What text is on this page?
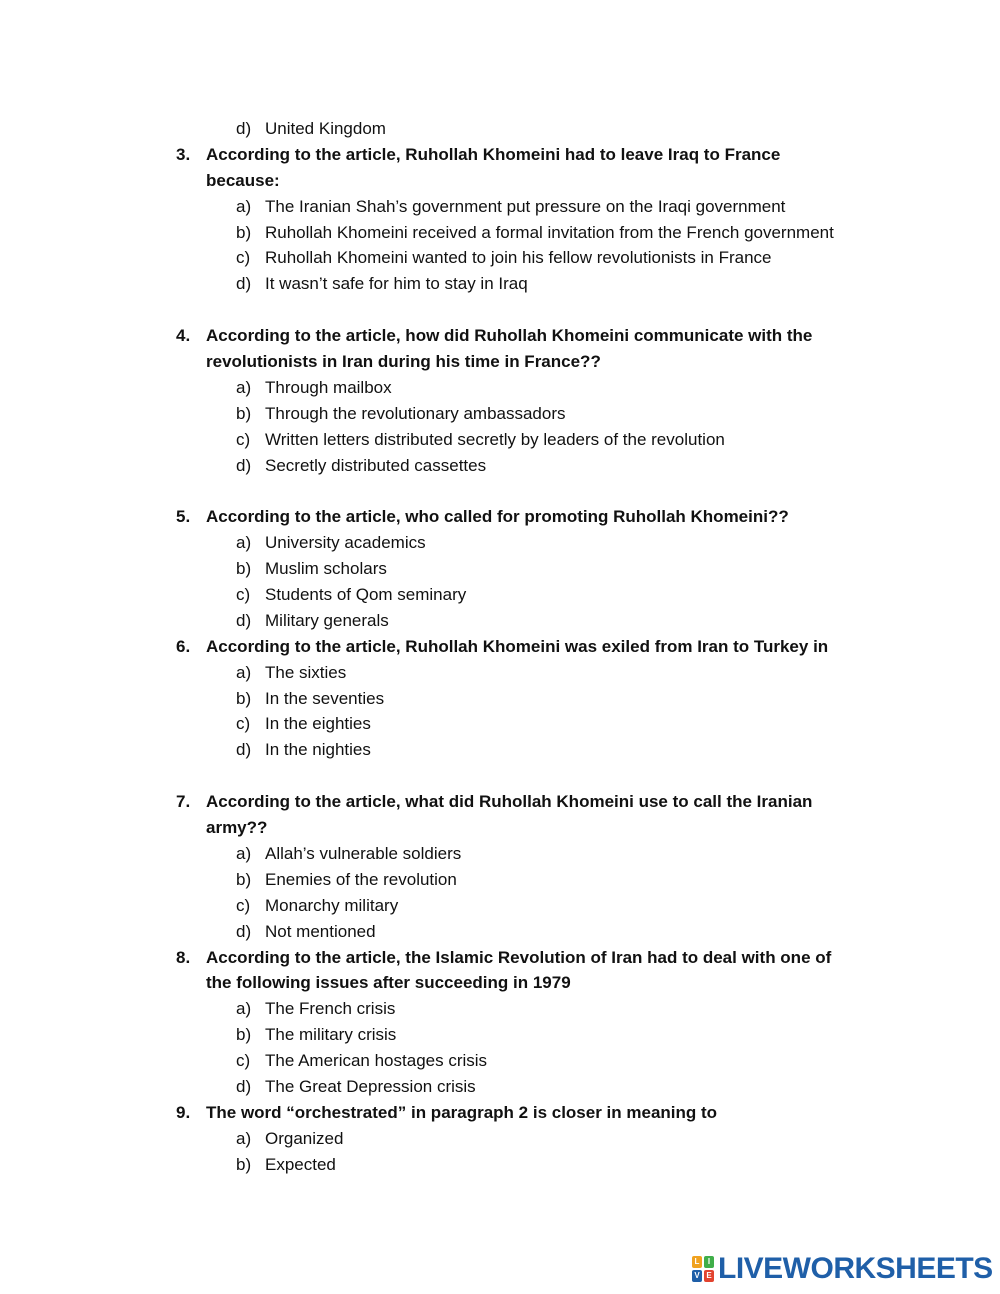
d) United Kingdom
3. According to the article, Ruhollah Khomeini had to leave Iraq to France
because:
a) The Iranian Shah’s government put pressure on the Iraqi government
b) Ruhollah Khomeini received a formal invitation from the French government
c) Ruhollah Khomeini wanted to join his fellow revolutionists in France
d) It wasn’t safe for him to stay in Iraq
4. According to the article, how did Ruhollah Khomeini communicate with the
revolutionists in Iran during his time in France??
a) Through mailbox
b) Through the revolutionary ambassadors
c) Written letters distributed secretly by leaders of the revolution
d) Secretly distributed cassettes
5. According to the article, who called for promoting Ruhollah Khomeini??
a) University academics
b) Muslim scholars
c) Students of Qom seminary
d) Military generals
6. According to the article, Ruhollah Khomeini was exiled from Iran to Turkey in
a) The sixties
b) In the seventies
c) In the eighties
d) In the nighties
7. According to the article, what did Ruhollah Khomeini use to call the Iranian
army??
a) Allah’s vulnerable soldiers
b) Enemies of the revolution
c) Monarchy military
d) Not mentioned
8. According to the article, the Islamic Revolution of Iran had to deal with one of
the following issues after succeeding in 1979
a) The French crisis
b) The military crisis
c) The American hostages crisis
d) The Great Depression crisis
9. The word “orchestrated” in paragraph 2 is closer in meaning to
a) Organized
b) Expected
L	I
V E LIVEWORKSHEETS
